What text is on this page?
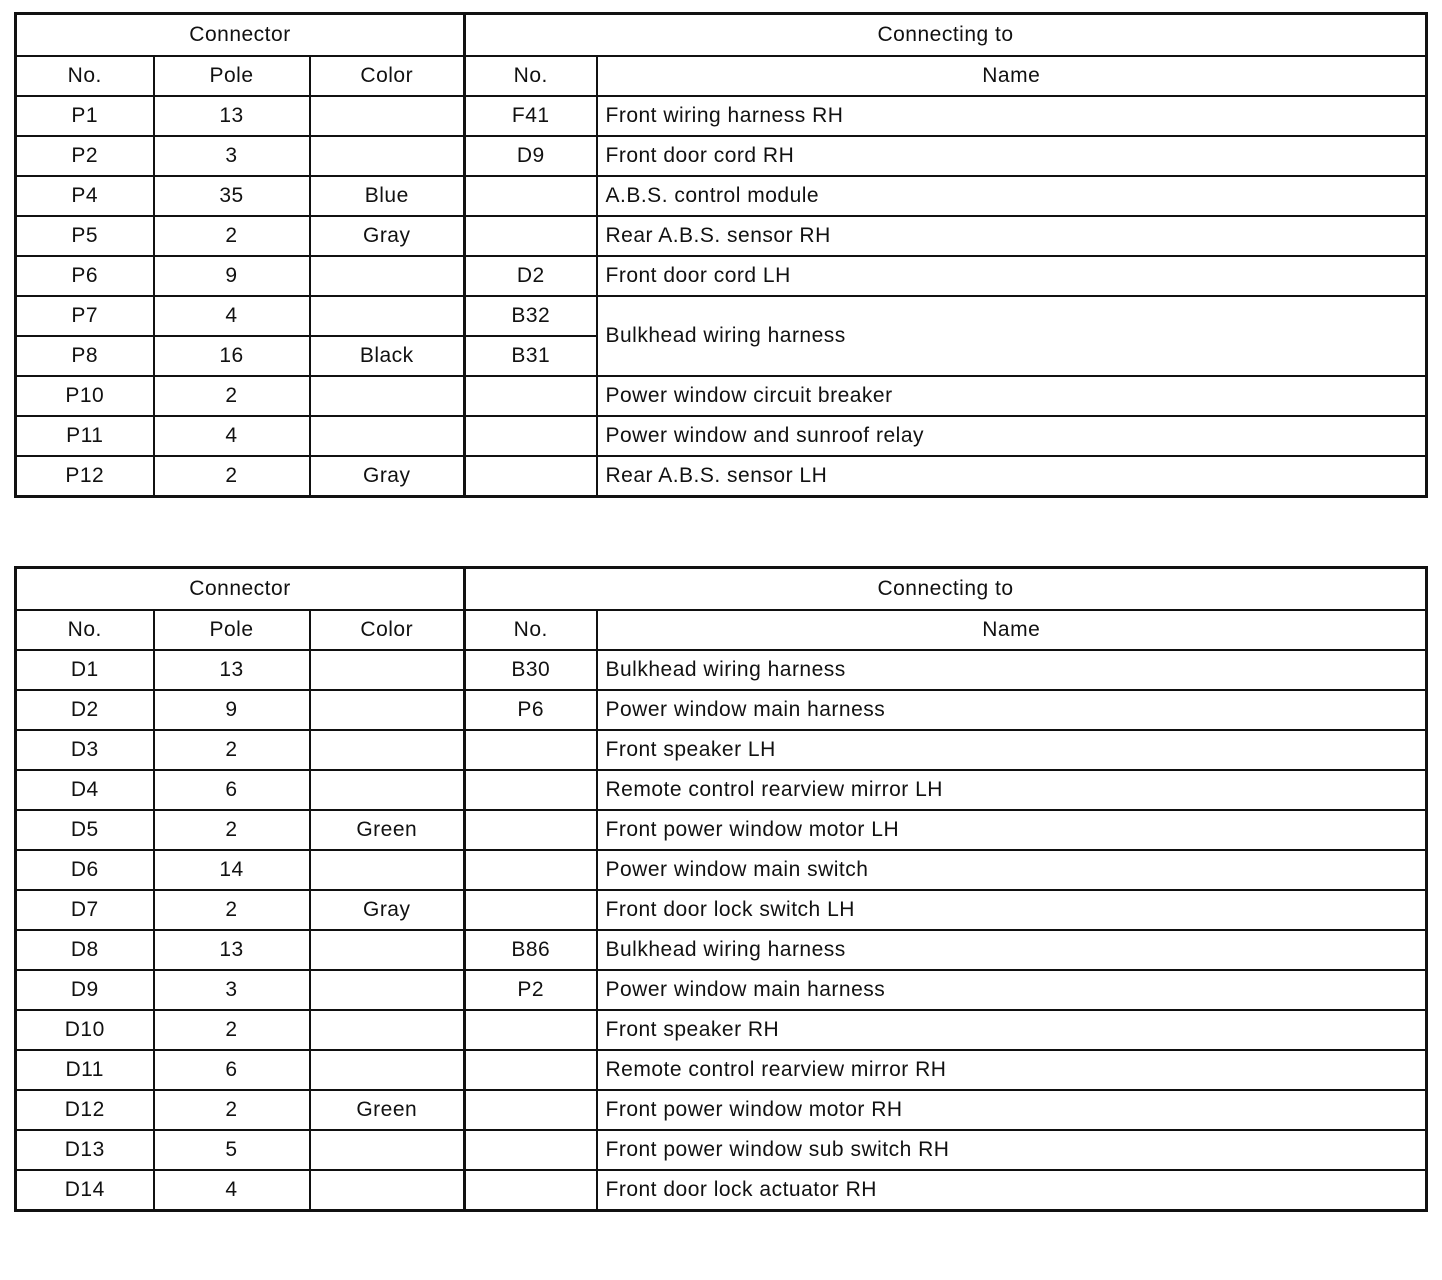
Connector			Connecting to	
No.	Pole	Color	No.	Name
P1	13		F41	Front wiring harness RH
P2	3		D9	Front door cord RH
P4	35	Blue		A.B.S. control module
P5	2	Gray		Rear A.B.S. sensor RH
P6	9		D2	Front door cord LH
P7	4		B32	Bulkhead wiring harness
P8	16	Black	B31	
P10	2			Power window circuit breaker
P11	4			Power window and sunroof relay
P12	2	Gray		Rear A.B.S. sensor LH
Connector			Connecting to	
No.	Pole	Color	No.	Name
D1	13		B30	Bulkhead wiring harness
D2	9		P6	Power window main harness
D3	2			Front speaker LH
D4	6			Remote control rearview mirror LH
D5	2	Green		Front power window motor LH
D6	14			Power window main switch
D7	2	Gray		Front door lock switch LH
D8	13		B86	Bulkhead wiring harness
D9	3		P2	Power window main harness
D10	2			Front speaker RH
D11	6			Remote control rearview mirror RH
D12	2	Green		Front power window motor RH
D13	5			Front power window sub switch RH
D14	4			Front door lock actuator RH
